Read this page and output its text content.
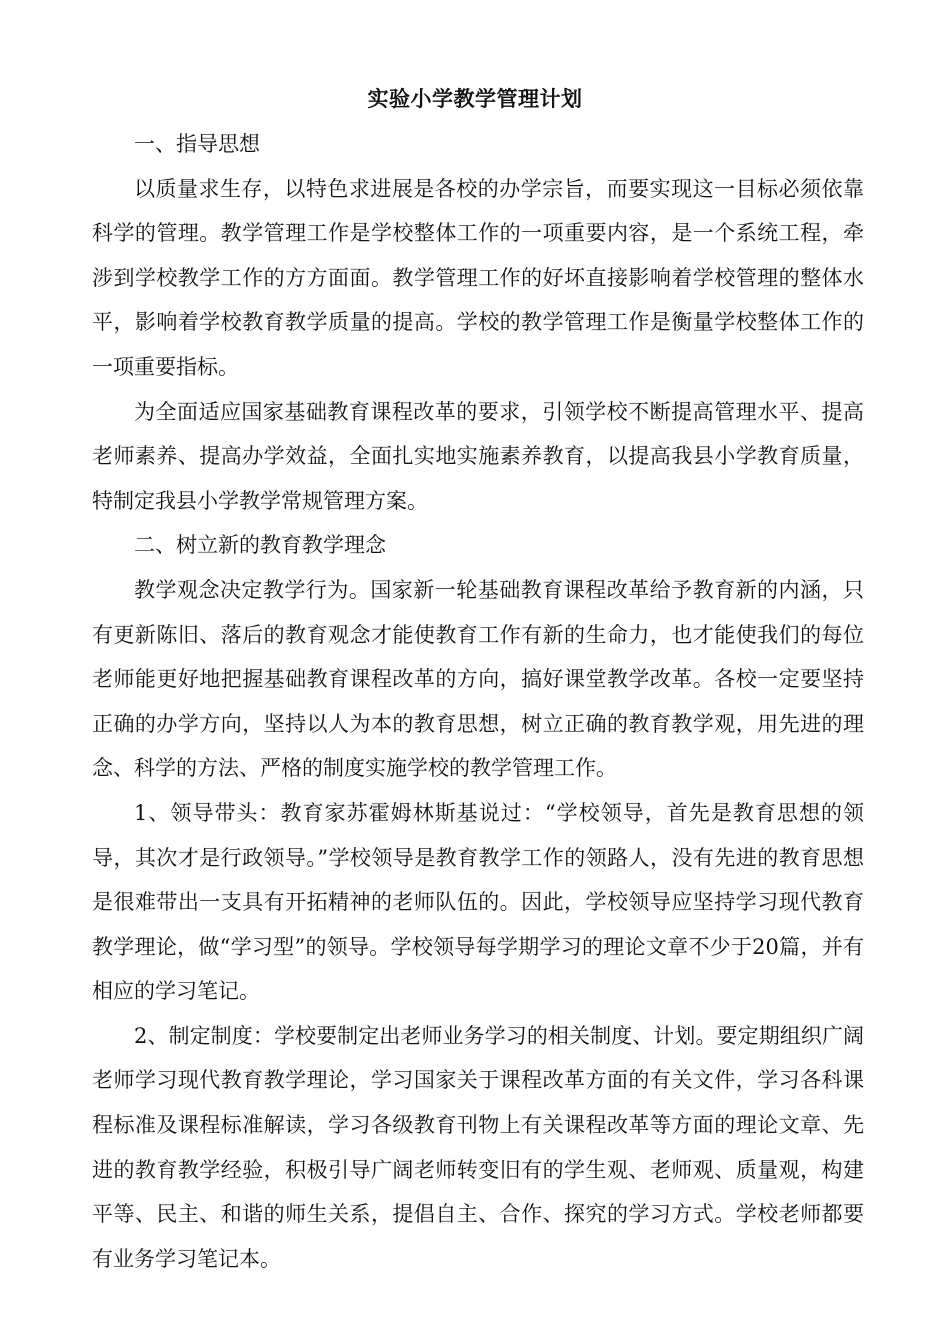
实验小学教学管理计划

一、指导思想

以质量求生存，以特色求进展是各校的办学宗旨，而要实现这一目标必须依靠科学的管理。教学管理工作是学校整体工作的一项重要内容，是一个系统工程，牵涉到学校教学工作的方方面面。教学管理工作的好坏直接影响着学校管理的整体水平，影响着学校教育教学质量的提高。学校的教学管理工作是衡量学校整体工作的一项重要指标。

为全面适应国家基础教育课程改革的要求，引领学校不断提高管理水平、提高老师素养、提高办学效益，全面扎实地实施素养教育，以提高我县小学教育质量，特制定我县小学教学常规管理方案。

二、树立新的教育教学理念

教学观念决定教学行为。国家新一轮基础教育课程改革给予教育新的内涵，只有更新陈旧、落后的教育观念才能使教育工作有新的生命力，也才能使我们的每位老师能更好地把握基础教育课程改革的方向，搞好课堂教学改革。各校一定要坚持正确的办学方向，坚持以人为本的教育思想，树立正确的教育教学观，用先进的理念、科学的方法、严格的制度实施学校的教学管理工作。

1、领导带头：教育家苏霍姆林斯基说过：“学校领导，首先是教育思想的领导，其次才是行政领导。”学校领导是教育教学工作的领路人，没有先进的教育思想是很难带出一支具有开拓精神的老师队伍的。因此，学校领导应坚持学习现代教育教学理论，做“学习型”的领导。学校领导每学期学习的理论文章不少于20篇，并有相应的学习笔记。

2、制定制度：学校要制定出老师业务学习的相关制度、计划。要定期组织广阔老师学习现代教育教学理论，学习国家关于课程改革方面的有关文件，学习各科课程标准及课程标准解读，学习各级教育刊物上有关课程改革等方面的理论文章、先进的教育教学经验，积极引导广阔老师转变旧有的学生观、老师观、质量观，构建平等、民主、和谐的师生关系，提倡自主、合作、探究的学习方式。学校老师都要有业务学习笔记本。
